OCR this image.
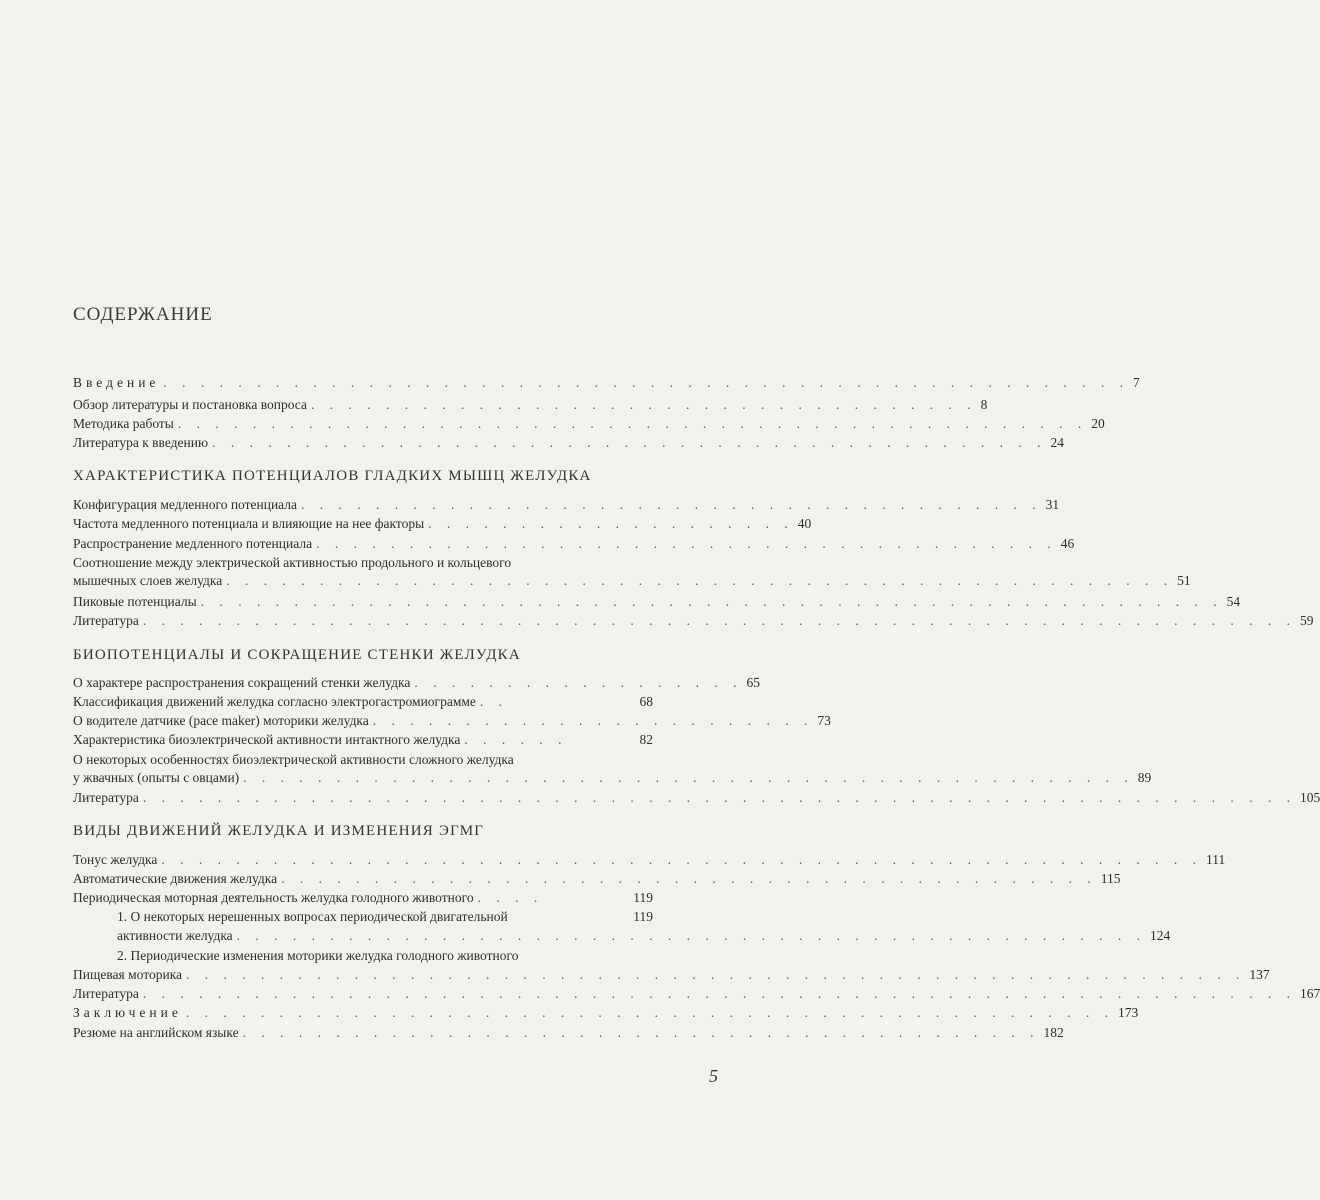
СОДЕРЖАНИЕ
Введение . . . . . . . . . . . . . . . . . . . . . . . . . . . . . . . . . . . . . . . . . . . . . . . . . . . . 7
Обзор литературы и постановка вопроса . . . . . . . . . . . . . . . . . . . . . . . . . . . . . . . . . . . . 8
Методика работы . . . . . . . . . . . . . . . . . . . . . . . . . . . . . . . . . . . . . . . . . . . . . . . . . 20
Литература к введению . . . . . . . . . . . . . . . . . . . . . . . . . . . . . . . . . . . . . . . . . . . . . 24
ХАРАКТЕРИСТИКА ПОТЕНЦИАЛОВ ГЛАДКИХ МЫШЦ ЖЕЛУДКА
Конфигурация медленного потенциала . . . . . . . . . . . . . . . . . . . . . . . . . . . . . . . . . . . . . . . . 31
Частота медленного потенциала и влияющие на нее факторы . . . . . . . . . . . . . . . . . . . . 40
Распространение медленного потенциала . . . . . . . . . . . . . . . . . . . . . . . . . . . . . . . . . . . . . . . . 46
Соотношение между электрической активностью продольного и кольцевого
мышечных слоев желудка . . . . . . . . . . . . . . . . . . . . . . . . . . . . . . . . . . . . . . . . . . . . . . . . . . . 51
Пиковые потенциалы . . . . . . . . . . . . . . . . . . . . . . . . . . . . . . . . . . . . . . . . . . . . . . . . . . . . . . . 54
Литература . . . . . . . . . . . . . . . . . . . . . . . . . . . . . . . . . . . . . . . . . . . . . . . . . . . . . . . . . . . . . . 59
БИОПОТЕНЦИАЛЫ И СОКРАЩЕНИЕ СТЕНКИ ЖЕЛУДКА
О характере распространения сокращений стенки желудка . . . . . . . . . . . . . . . . . . 65
Классификация движений желудка согласно электрогастромиограмме . .	68
О водителе датчике (pace maker) моторики желудка . . . . . . . . . . . . . . . . . . . . . . . . 73
Характеристика биоэлектрической активности интактного желудка . . . . . .	82
О некоторых особенностях биоэлектрической активности сложного желудка
у жвачных (опыты с овцами) . . . . . . . . . . . . . . . . . . . . . . . . . . . . . . . . . . . . . . . . . . . . . . . . 89
Литература . . . . . . . . . . . . . . . . . . . . . . . . . . . . . . . . . . . . . . . . . . . . . . . . . . . . . . . . . . . . . . 105
ВИДЫ ДВИЖЕНИЙ ЖЕЛУДКА И ИЗМЕНЕНИЯ ЭГМГ
Тонус желудка . . . . . . . . . . . . . . . . . . . . . . . . . . . . . . . . . . . . . . . . . . . . . . . . . . . . . . . . 111
Автоматические движения желудка . . . . . . . . . . . . . . . . . . . . . . . . . . . . . . . . . . . . . . . . . . . . 115
Периодическая моторная деятельность желудка голодного животного . . . .	119
1. О некоторых нерешенных вопросах периодической двигательной	119
активности желудка . . . . . . . . . . . . . . . . . . . . . . . . . . . . . . . . . . . . . . . . . . . . . . . . . 124
2. Периодические изменения моторики желудка голодного животного
Пищевая моторика . . . . . . . . . . . . . . . . . . . . . . . . . . . . . . . . . . . . . . . . . . . . . . . . . . . . . . . . . 137
Литература . . . . . . . . . . . . . . . . . . . . . . . . . . . . . . . . . . . . . . . . . . . . . . . . . . . . . . . . . . . . . . 167
Заключение . . . . . . . . . . . . . . . . . . . . . . . . . . . . . . . . . . . . . . . . . . . . . . . . . . 173
Резюме на английском языке . . . . . . . . . . . . . . . . . . . . . . . . . . . . . . . . . . . . . . . . . . . 182
5
